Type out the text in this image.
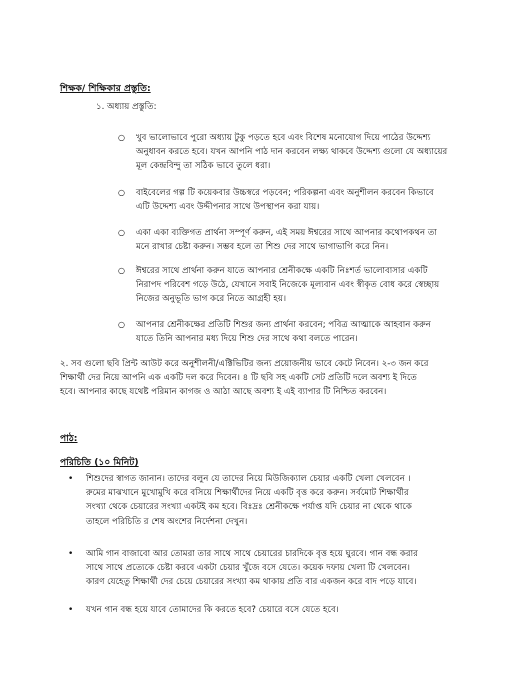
শিক্ষক/ শিক্ষিকার প্রস্তুতি:
১. অধ্যায় প্রস্তুতি:
○ খুব ভালোভাবে পুরো অধ্যায় টুকু পড়তে হবে এবং বিশেষ মনোযোগ দিয়ে পাঠের উদ্দেশ্য
অনুধাবন করতে হবে। যখন আপনি পাঠ দান করবেন লক্ষ্য থাকবে উদ্দেশ্য গুলো যে অধ্যায়ের
মূল কেন্দ্রবিন্দু তা সঠিক ভাবে তুলে ধরা।
○ বাইবেলের গল্প টি কয়েকবার উচ্চস্বরে পড়বেন; পরিকল্পনা এবং অনুশীলন করবেন কিভাবে
এটি উদ্দেশ্য এবং উদ্দীপনার সাথে উপস্থাপন করা যায়।
○ একা একা ব্যক্তিগত প্রার্থনা সম্পূর্ণ করুন, এই সময় ঈশ্বরের সাথে আপনার কথোপকথন তা
মনে রাখার চেষ্টা করুন। সম্ভব হলে তা শিশু দের সাথে ভাগাভাগি করে নিন।
○ ঈশ্বরের সাথে প্রার্থনা করুন যাতে আপনার শ্রেনীকক্ষে একটি নিঃশর্ত ভালোবাসার একটি
নিরাপদ পরিবেশ গড়ে উঠে, যেখানে সবাই নিজেকে মূল্যবান এবং স্বীকৃত বোধ করে স্বেচ্ছায়
নিজের অনুভূতি ভাগ করে নিতে আগ্রহী হয়।
○ আপনার শ্রেনীকক্ষের প্রতিটি শিশুর জন্য প্রার্থনা করবেন; পবিত্র আত্মাকে আহবান করুন
যাতে তিনি আপনার মধ্য দিয়ে শিশু দের সাথে কথা বলতে পারেন।
২. সব গুলো ছবি প্রিন্ট আউট করে অনুশীলনী/এক্টিভিটির জন্য প্রয়োজনীয় ভাবে কেটে নিবেন। ২-৩ জন করে
শিক্ষার্থী দের নিয়ে আপনি এক একটি দল করে দিবেন। ৪ টি ছবি সহ একটি সেট প্রতিটি দলে অবশ্য ই দিতে
হবে। আপনার কাছে যথেষ্ট পরিমান কাগজ ও আঠা আছে অবশ্য ই এই ব্যাপার টি নিশ্চিত করবেন।
পাঠ:
পরিচিতি (১০ মিনিট)
• শিশুদের স্বাগত জানান। তাদের বলুন যে তাদের নিয়ে মিউজিক্যাল চেয়ার একটি খেলা খেলবেন ।
রুমের মাঝখানে মুখোমুখি করে বসিয়ে শিক্ষার্থীদের নিয়ে একটি বৃত্ত করে করুন। সর্বমোট শিক্ষার্থীর
সংখ্যা থেকে চেয়ারের সংখ্যা একটই কম হবে। বিঃদ্রঃ শ্রেনীকক্ষে পর্যাপ্ত যদি চেয়ার না থেকে থাকে
তাহলে পরিচিতি র শেষ অংশের নির্দেশনা দেখুন।
• আমি গান বাজাবো আর তোমরা তার সাথে সাথে চেয়ারের চারদিকে বৃত্ত হয়ে ঘুরবে। গান বন্ধ করার
সাথে সাথে প্রত্যেকে চেষ্টা করবে একটা চেয়ার খুঁজে বসে যেতে। কয়েক দফায় খেলা টি খেলবেন।
কারণ যেহেতু শিক্ষার্থী দের চেয়ে চেয়ারের সংখ্যা কম থাকায় প্রতি বার একজন করে বাদ পড়ে যাবে।
• যখন গান বন্ধ হয়ে যাবে তোমাদের কি করতে হবে? চেয়ারে বসে যেতে হবে।
